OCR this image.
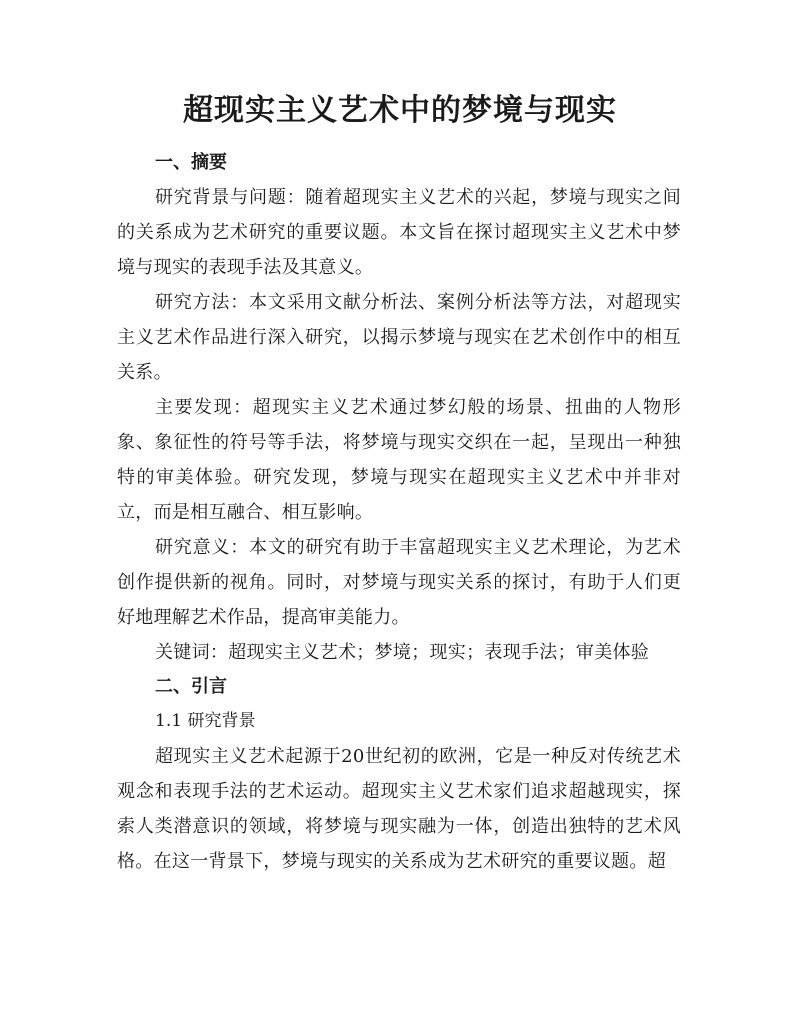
超现实主义艺术中的梦境与现实
一、摘要

研究背景与问题：随着超现实主义艺术的兴起，梦境与现实之间的关系成为艺术研究的重要议题。本文旨在探讨超现实主义艺术中梦境与现实的表现手法及其意义。

研究方法：本文采用文献分析法、案例分析法等方法，对超现实主义艺术作品进行深入研究，以揭示梦境与现实在艺术创作中的相互关系。

主要发现：超现实主义艺术通过梦幻般的场景、扭曲的人物形象、象征性的符号等手法，将梦境与现实交织在一起，呈现出一种独特的审美体验。研究发现，梦境与现实在超现实主义艺术中并非对立，而是相互融合、相互影响。

研究意义：本文的研究有助于丰富超现实主义艺术理论，为艺术创作提供新的视角。同时，对梦境与现实关系的探讨，有助于人们更好地理解艺术作品，提高审美能力。

关键词：超现实主义艺术；梦境；现实；表现手法；审美体验

二、引言

1.1 研究背景

超现实主义艺术起源于20世纪初的欧洲，它是一种反对传统艺术观念和表现手法的艺术运动。超现实主义艺术家们追求超越现实，探索人类潜意识的领域，将梦境与现实融为一体，创造出独特的艺术风格。在这一背景下，梦境与现实的关系成为艺术研究的重要议题。超
